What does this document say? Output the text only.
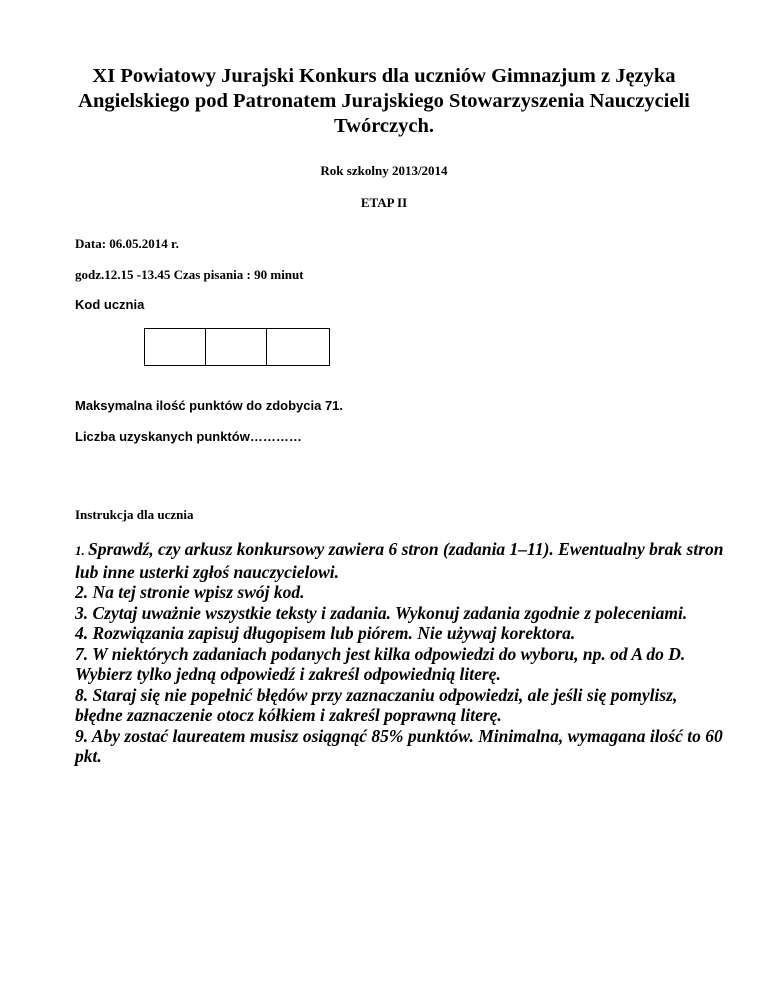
XI Powiatowy Jurajski Konkurs dla uczniów Gimnazjum z Języka Angielskiego pod Patronatem Jurajskiego Stowarzyszenia Nauczycieli Twórczych.

Rok szkolny 2013/2014

ETAP II

Data: 06.05.2014 r.

godz.12.15 -13.45 Czas pisania : 90 minut

Kod ucznia

Maksymalna ilość punktów do zdobycia 71.

Liczba uzyskanych punktów…………

Instrukcja dla ucznia

1. Sprawdź, czy arkusz konkursowy zawiera 6 stron (zadania 1–11). Ewentualny brak stron lub inne usterki zgłoś nauczycielowi.

2. Na tej stronie wpisz swój kod.

3. Czytaj uważnie wszystkie teksty i zadania. Wykonuj zadania zgodnie z poleceniami.

4. Rozwiązania zapisuj długopisem lub piórem. Nie używaj korektora.

7. W niektórych zadaniach podanych jest kilka odpowiedzi do wyboru, np. od A do D. Wybierz tylko jedną odpowiedź i zakreśl odpowiednią literę.

8. Staraj się nie popełnić błędów przy zaznaczaniu odpowiedzi, ale jeśli się pomylisz, błędne zaznaczenie otocz kółkiem i zakreśl poprawną literę.

9. Aby zostać laureatem musisz osiągnąć 85% punktów. Minimalna, wymagana ilość to 60 pkt.
